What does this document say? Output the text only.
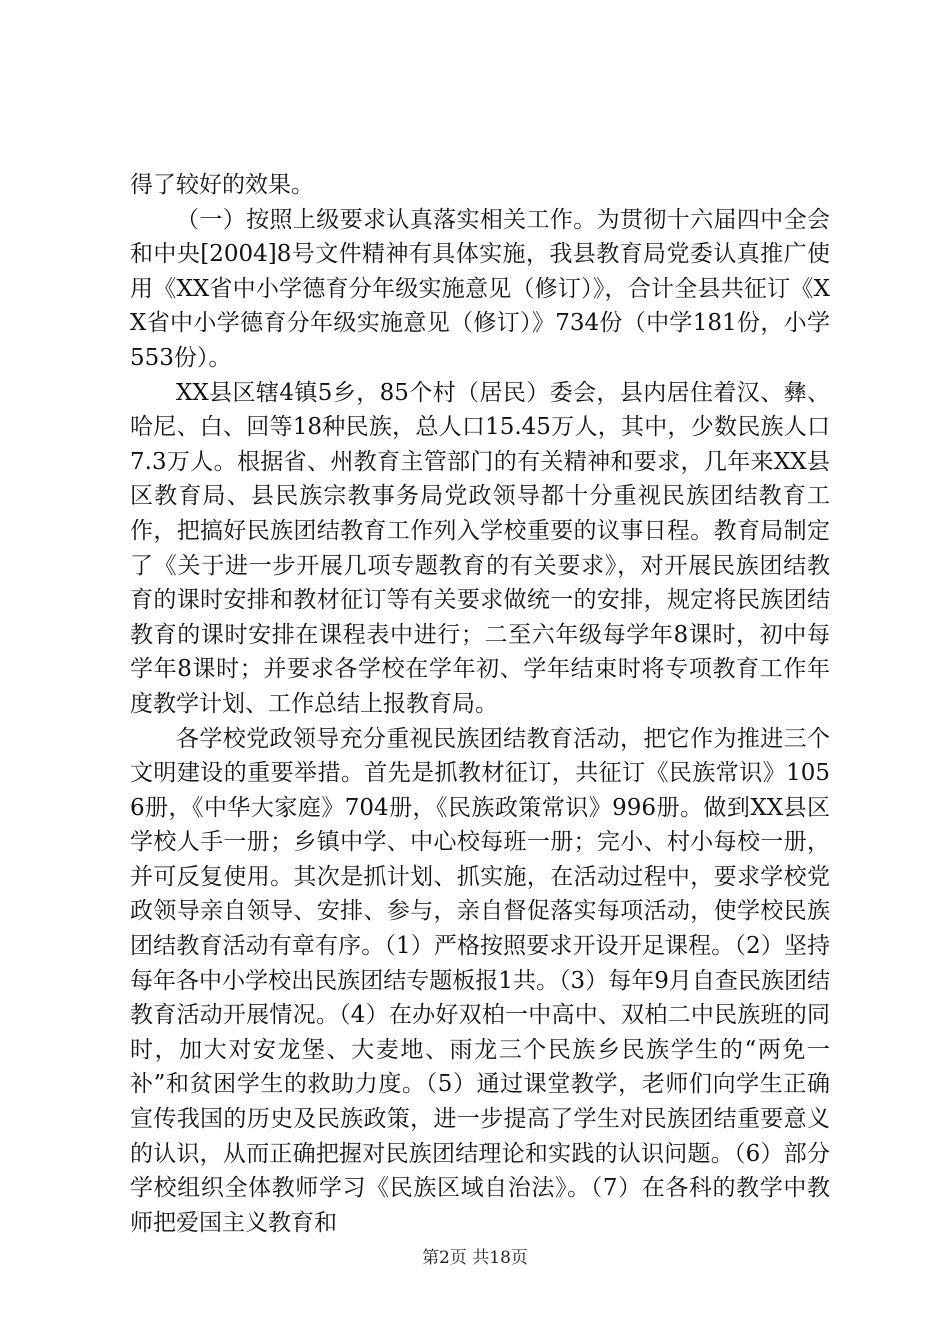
得了较好的效果。

（一）按照上级要求认真落实相关工作。为贯彻十六届四中全会和中央[2004]8号文件精神有具体实施，我县教育局党委认真推广使用《XX省中小学德育分年级实施意见（修订）》，合计全县共征订《XX省中小学德育分年级实施意见（修订）》734份（中学181份，小学553份）。

XX县区辖4镇5乡，85个村（居民）委会，县内居住着汉、彝、哈尼、白、回等18种民族，总人口15.45万人，其中，少数民族人口7.3万人。根据省、州教育主管部门的有关精神和要求，几年来XX县区教育局、县民族宗教事务局党政领导都十分重视民族团结教育工作，把搞好民族团结教育工作列入学校重要的议事日程。教育局制定了《关于进一步开展几项专题教育的有关要求》，对开展民族团结教育的课时安排和教材征订等有关要求做统一的安排，规定将民族团结教育的课时安排在课程表中进行；二至六年级每学年8课时，初中每学年8课时；并要求各学校在学年初、学年结束时将专项教育工作年度教学计划、工作总结上报教育局。

各学校党政领导充分重视民族团结教育活动，把它作为推进三个文明建设的重要举措。首先是抓教材征订，共征订《民族常识》1056册，《中华大家庭》704册，《民族政策常识》996册。做到XX县区学校人手一册；乡镇中学、中心校每班一册；完小、村小每校一册，并可反复使用。其次是抓计划、抓实施，在活动过程中，要求学校党政领导亲自领导、安排、参与，亲自督促落实每项活动，使学校民族团结教育活动有章有序。（1）严格按照要求开设开足课程。（2）坚持每年各中小学校出民族团结专题板报1共。（3）每年9月自查民族团结教育活动开展情况。（4）在办好双柏一中高中、双柏二中民族班的同时，加大对安龙堡、大麦地、雨龙三个民族乡民族学生的“两免一补”和贫困学生的救助力度。（5）通过课堂教学，老师们向学生正确宣传我国的历史及民族政策，进一步提高了学生对民族团结重要意义的认识，从而正确把握对民族团结理论和实践的认识问题。（6）部分学校组织全体教师学习《民族区域自治法》。（7）在各科的教学中教师把爱国主义教育和

第2页 共18页
